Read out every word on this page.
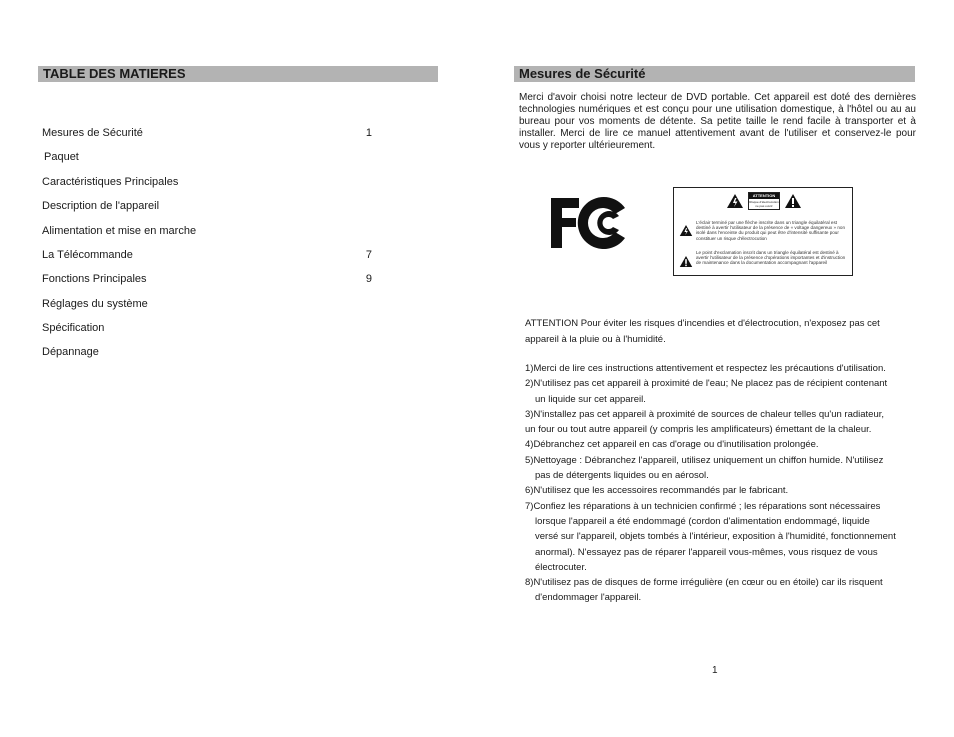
TABLE DES MATIERES
Mesures de Sécurité	1
Paquet
Caractéristiques Principales
Description de l'appareil
Alimentation et mise en marche
La Télécommande	7
Fonctions Principales	9
Réglages du système
Spécification
Dépannage
Mesures de Sécurité
Merci d'avoir choisi notre lecteur de DVD portable. Cet appareil est doté des dernières technologies numériques et est conçu pour une utilisation domestique, à l'hôtel ou au au bureau pour vos moments de détente. Sa petite taille le rend facile à transporter et à installer. Merci de lire ce manuel attentivement avant de l'utiliser et conservez-le pour vous y reporter ultérieurement.
ATTENTION
Risque d'électrocution ne pas ouvrir
L'éclair terminé par une flèche inscrite dans un triangle équilatéral est destiné à avertir l'utilisateur de la présence de « voltage dangereux » non isolé dans l'enceinte du produit qui peut être d'intensité suffisante pour constituer un risque d'électrocution
Le point d'exclamation inscrit dans un triangle équilatéral est destiné à avertir l'utilisateur de la présence d'opérations importantes et d'instruction de maintenance dans la documentation accompagnant l'appareil
ATTENTION Pour éviter les risques d'incendies et d'électrocution, n'exposez pas cet
appareil à la pluie ou à l'humidité.
1)Merci de lire ces instructions attentivement et respectez les précautions d'utilisation.
2)N'utilisez pas cet appareil à proximité de l'eau; Ne placez pas de récipient contenant
un liquide sur cet appareil.
3)N'installez pas cet appareil à proximité de sources de chaleur telles qu'un radiateur,
un four ou tout autre appareil (y compris les amplificateurs) émettant de la chaleur.
4)Débranchez cet appareil en cas d'orage ou d'inutilisation prolongée.
5)Nettoyage : Débranchez l'appareil, utilisez uniquement un chiffon humide. N'utilisez
pas de détergents liquides ou en aérosol.
6)N'utilisez que les accessoires recommandés par le fabricant.
7)Confiez les réparations à un technicien confirmé ; les réparations sont nécessaires
lorsque l'appareil a été endommagé (cordon d'alimentation endommagé, liquide
versé sur l'appareil, objets tombés à l'intérieur, exposition à l'humidité, fonctionnement
anormal). N'essayez pas de réparer l'appareil vous-mêmes, vous risquez de vous
électrocuter.
8)N'utilisez pas de disques de forme irrégulière (en cœur ou en étoile) car ils risquent
d'endommager l'appareil.
1
